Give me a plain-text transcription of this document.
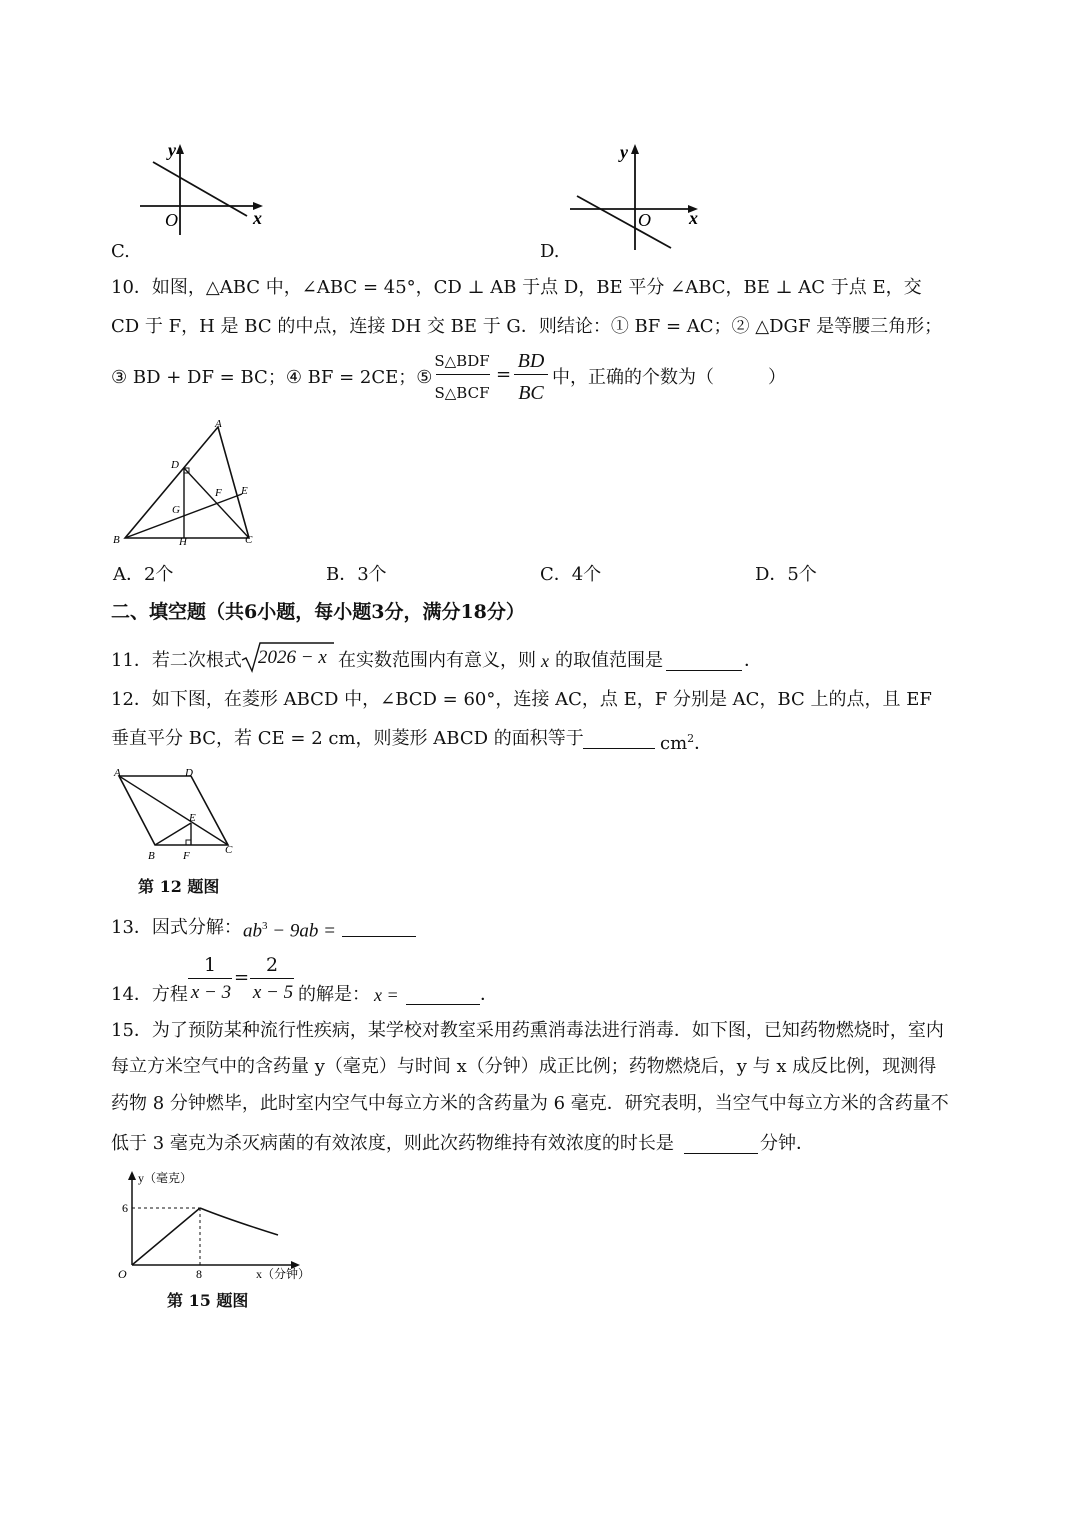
y
x
O
C.
y
x
O
D.
10．如图，△ABC 中，∠ABC = 45°，CD ⊥ AB 于点 D，BE 平分 ∠ABC，BE ⊥ AC 于点 E，交
CD 于 F，H 是 BC 的中点，连接 DH 交 BE 于 G．则结论：① BF = AC；② △DGF 是等腰三角形；
③ BD + DF = BC；④ BF = 2CE；⑤
S△BDF
S△BCF
=
BD
BC
中，正确的个数为（　　　）
A
B	C
D
E
F
G
H
A．2个	B．3个	C．4个	D．5个
二、填空题（共6小题，每小题3分，满分18分）
11．若二次根式 2026 − x 在实数范围内有意义，则 x 的取值范围是	．
12．如下图，在菱形 ABCD 中，∠BCD = 60°，连接 AC，点 E，F 分别是 AC，BC 上的点，且 EF
垂直平分 BC，若 CE = 2 cm，则菱形 ABCD 的面积等于	$cm^2$．
A	D
B	F
E
C
第 12 题图
13．因式分解： $ab^3 - 9ab$ =
14．方程
1
x − 3
=
2
x − 5 的解是： x =	．
15．为了预防某种流行性疾病，某学校对教室采用药熏消毒法进行消毒．如下图，已知药物燃烧时，室内
每立方米空气中的含药量 y（毫克）与时间 x（分钟）成正比例；药物燃烧后，y 与 x 成反比例，现测得
药物 8 分钟燃毕，此时室内空气中每立方米的含药量为 6 毫克．研究表明，当空气中每立方米的含药量不
低于 3 毫克为杀灭病菌的有效浓度，则此次药物维持有效浓度的时长是	分钟．
y（毫克）
6
O	8	x（分钟）
第 15 题图
